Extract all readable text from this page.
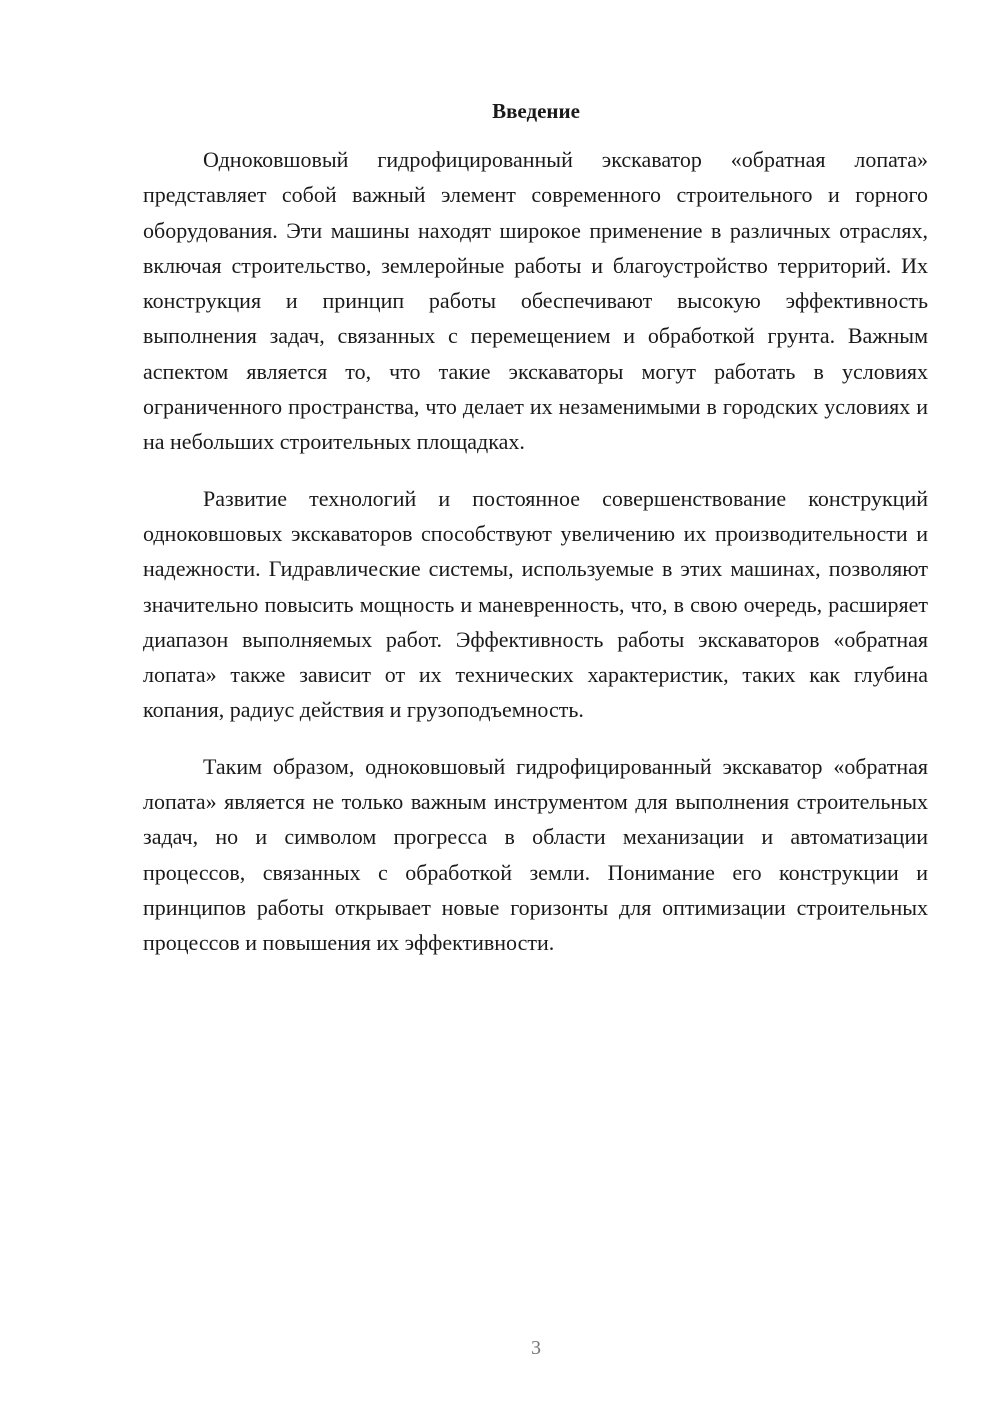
Введение

Одноковшовый гидрофицированный экскаватор «обратная лопата» представляет собой важный элемент современного строительного и горного оборудования. Эти машины находят широкое применение в различных отраслях, включая строительство, землеройные работы и благоустройство территорий. Их конструкция и принцип работы обеспечивают высокую эффективность выполнения задач, связанных с перемещением и обработкой грунта. Важным аспектом является то, что такие экскаваторы могут работать в условиях ограниченного пространства, что делает их незаменимыми в городских условиях и на небольших строительных площадках.

Развитие технологий и постоянное совершенствование конструкций одноковшовых экскаваторов способствуют увеличению их производительности и надежности. Гидравлические системы, используемые в этих машинах, позволяют значительно повысить мощность и маневренность, что, в свою очередь, расширяет диапазон выполняемых работ. Эффективность работы экскаваторов «обратная лопата» также зависит от их технических характеристик, таких как глубина копания, радиус действия и грузоподъемность.

Таким образом, одноковшовый гидрофицированный экскаватор «обратная лопата» является не только важным инструментом для выполнения строительных задач, но и символом прогресса в области механизации и автоматизации процессов, связанных с обработкой земли. Понимание его конструкции и принципов работы открывает новые горизонты для оптимизации строительных процессов и повышения их эффективности.

3
